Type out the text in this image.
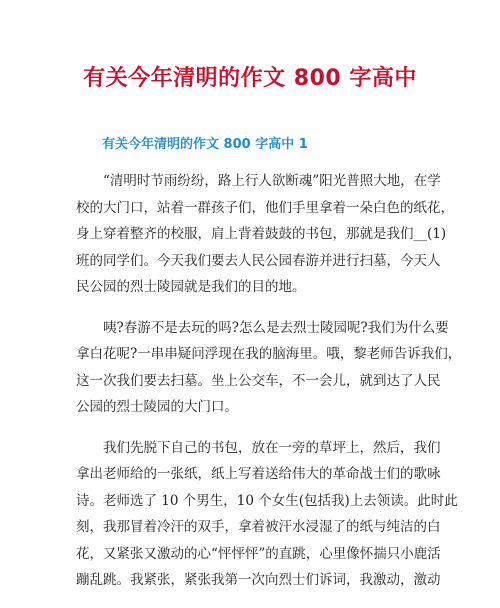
有关今年清明的作文 800 字高中
有关今年清明的作文 800 字高中 1
“清明时节雨纷纷，路上行人欲断魂”阳光普照大地，在学
校的大门口，站着一群孩子们，他们手里拿着一朵白色的纸花，
身上穿着整齐的校服，肩上背着鼓鼓的书包，那就是我们__(1)
班的同学们。今天我们要去人民公园春游并进行扫墓，今天人
民公园的烈士陵园就是我们的目的地。
咦?春游不是去玩的吗?怎么是去烈士陵园呢?我们为什么要
拿白花呢?一串串疑问浮现在我的脑海里。哦，黎老师告诉我们，
这一次我们要去扫墓。坐上公交车，不一会儿，就到达了人民
公园的烈士陵园的大门口。
我们先脱下自己的书包，放在一旁的草坪上，然后，我们
拿出老师给的一张纸，纸上写着送给伟大的革命战士们的歌咏
诗。老师选了 10 个男生，10 个女生(包括我)上去领读。此时此
刻，我那冒着冷汗的双手，拿着被汗水浸湿了的纸与纯洁的白
花，又紧张又激动的心“怦怦怦”的直跳，心里像怀揣只小鹿活
蹦乱跳。我紧张，紧张我第一次向烈士们诉词，我激动，激动
